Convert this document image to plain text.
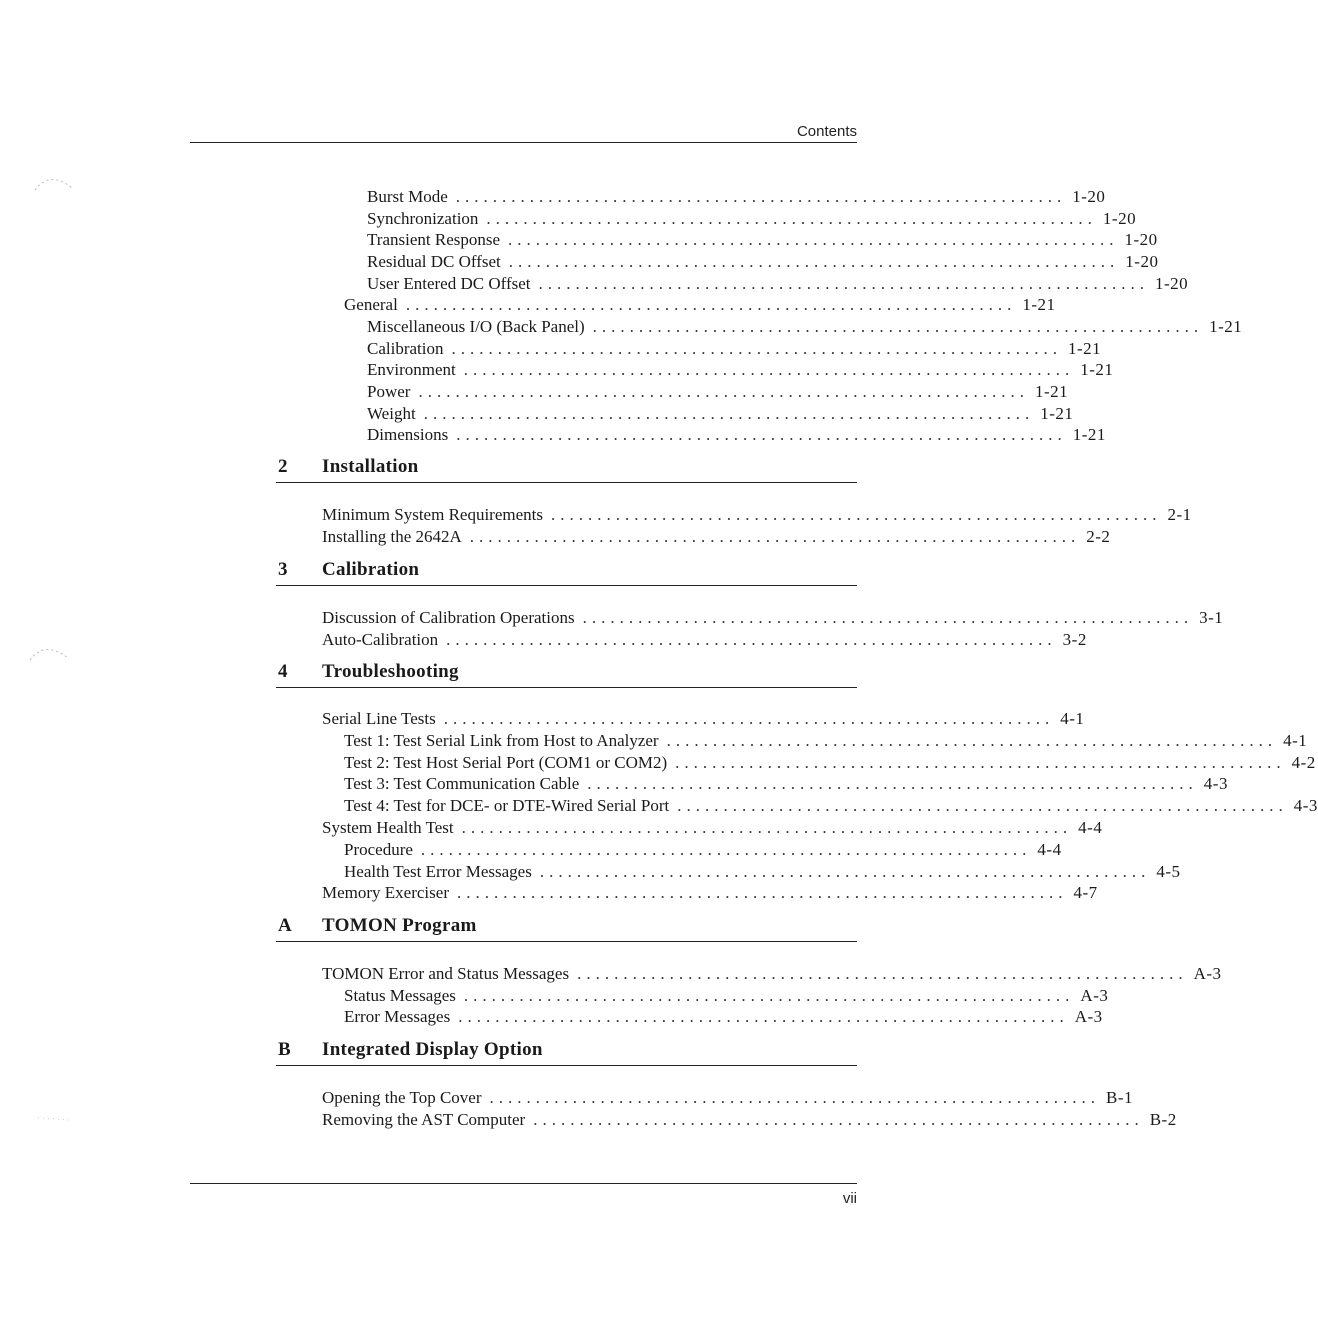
Contents
Burst Mode .................................................................. 1-20
Synchronization .................................................................. 1-20
Transient Response .................................................................. 1-20
Residual DC Offset .................................................................. 1-20
User Entered DC Offset .................................................................. 1-20
General .................................................................. 1-21
Miscellaneous I/O (Back Panel) .................................................................. 1-21
Calibration .................................................................. 1-21
Environment .................................................................. 1-21
Power .................................................................. 1-21
Weight .................................................................. 1-21
Dimensions .................................................................. 1-21
2 Installation
Minimum System Requirements .................................................................. 2-1
Installing the 2642A .................................................................. 2-2
3 Calibration
Discussion of Calibration Operations .................................................................. 3-1
Auto-Calibration .................................................................. 3-2
4 Troubleshooting
Serial Line Tests .................................................................. 4-1
Test 1: Test Serial Link from Host to Analyzer .................................................................. 4-1
Test 2: Test Host Serial Port (COM1 or COM2) .................................................................. 4-2
Test 3: Test Communication Cable .................................................................. 4-3
Test 4: Test for DCE- or DTE-Wired Serial Port .................................................................. 4-3
System Health Test .................................................................. 4-4
Procedure .................................................................. 4-4
Health Test Error Messages .................................................................. 4-5
Memory Exerciser .................................................................. 4-7
A TOMON Program
TOMON Error and Status Messages .................................................................. A-3
Status Messages .................................................................. A-3
Error Messages .................................................................. A-3
B Integrated Display Option
Opening the Top Cover .................................................................. B-1
Removing the AST Computer .................................................................. B-2
vii
